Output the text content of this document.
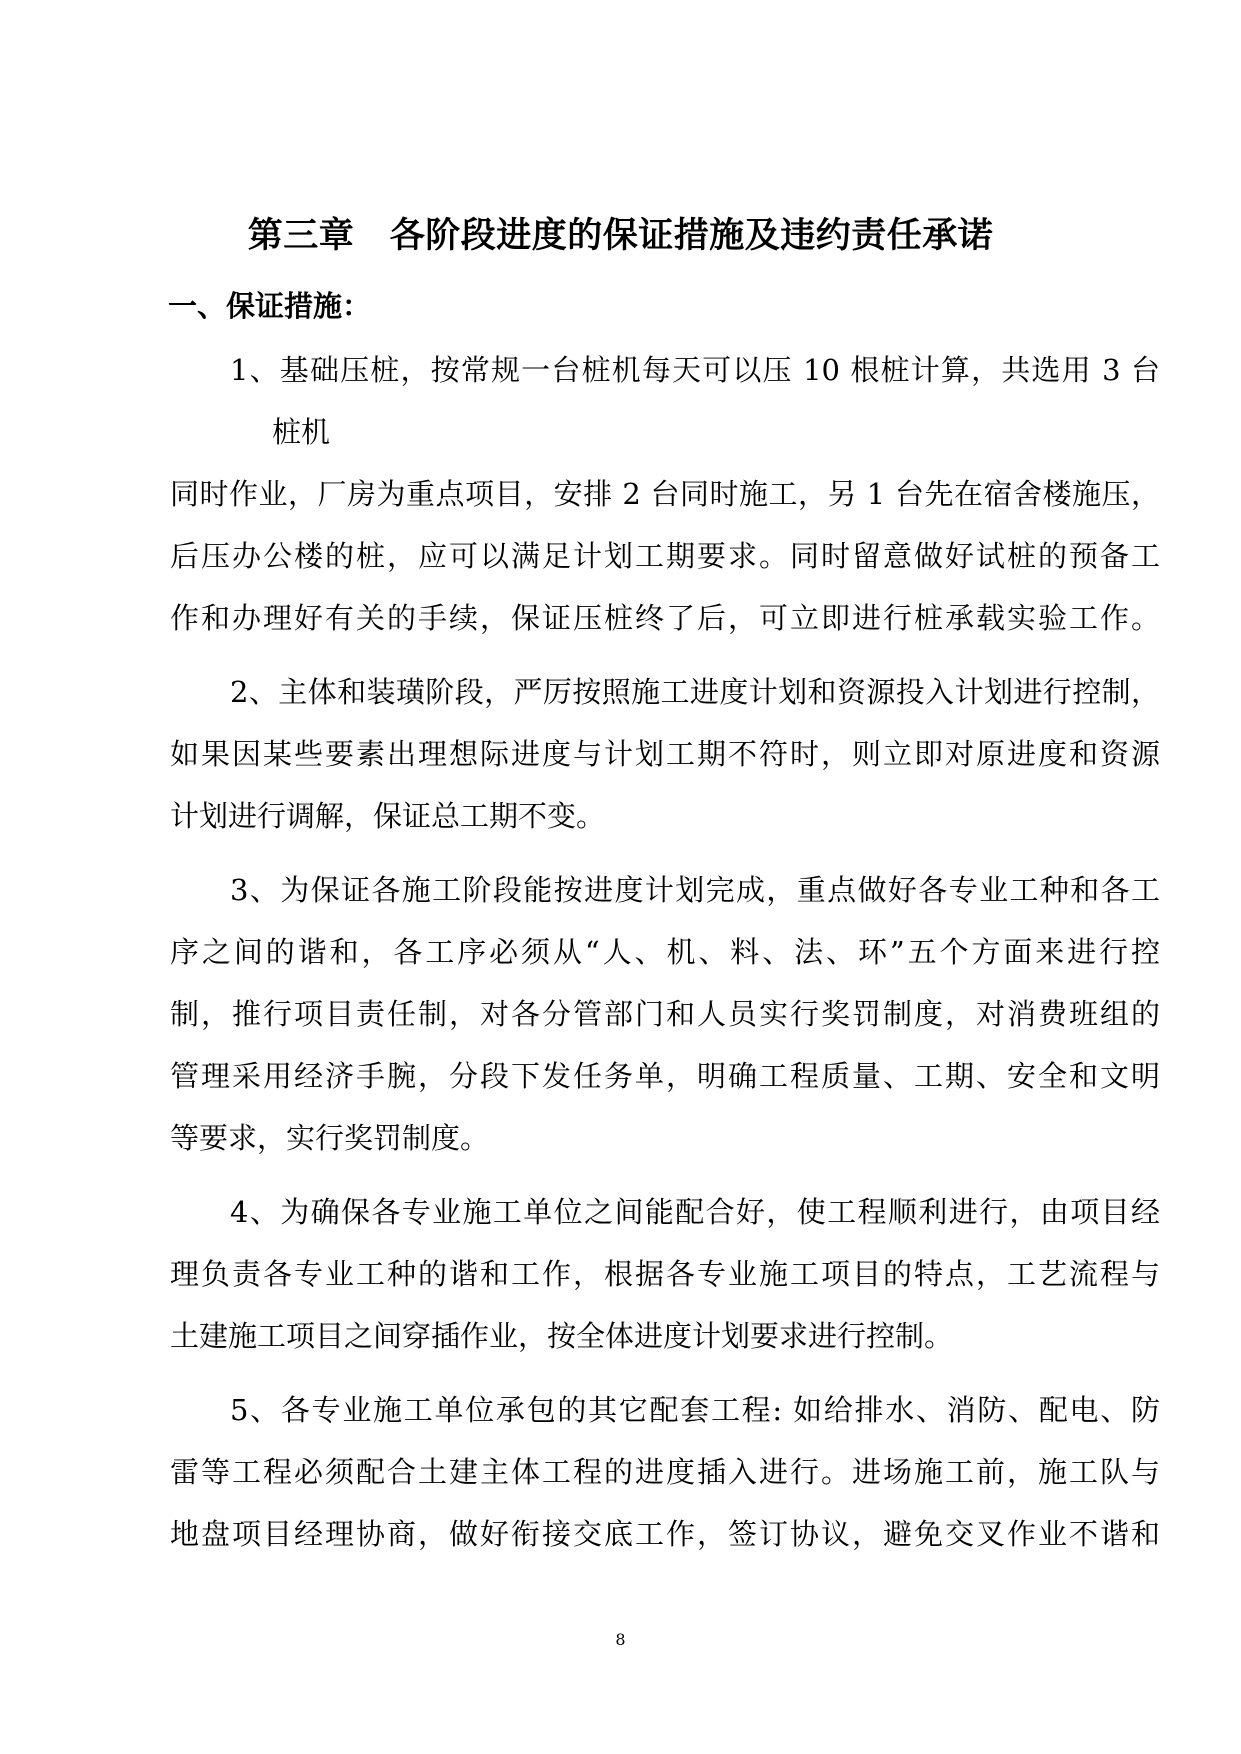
第三章　各阶段进度的保证措施及违约责任承诺
一、保证措施：
1、基础压桩，按常规一台桩机每天可以压 10 根桩计算，共选用 3 台
桩机
同时作业，厂房为重点项目，安排 2 台同时施工，另 1 台先在宿舍楼施压，
后压办公楼的桩，应可以满足计划工期要求。同时留意做好试桩的预备工
作和办理好有关的手续，保证压桩终了后，可立即进行桩承载实验工作。
2、主体和装璜阶段，严厉按照施工进度计划和资源投入计划进行控制，
如果因某些要素出理想际进度与计划工期不符时，则立即对原进度和资源
计划进行调解，保证总工期不变。
3、为保证各施工阶段能按进度计划完成，重点做好各专业工种和各工
序之间的谐和，各工序必须从“人、机、料、法、环”五个方面来进行控
制，推行项目责任制，对各分管部门和人员实行奖罚制度，对消费班组的
管理采用经济手腕，分段下发任务单，明确工程质量、工期、安全和文明
等要求，实行奖罚制度。
4、为确保各专业施工单位之间能配合好，使工程顺利进行，由项目经
理负责各专业工种的谐和工作，根据各专业施工项目的特点，工艺流程与
土建施工项目之间穿插作业，按全体进度计划要求进行控制。
5、各专业施工单位承包的其它配套工程: 如给排水、消防、配电、防
雷等工程必须配合土建主体工程的进度插入进行。进场施工前，施工队与
地盘项目经理协商，做好衔接交底工作，签订协议，避免交叉作业不谐和
8
